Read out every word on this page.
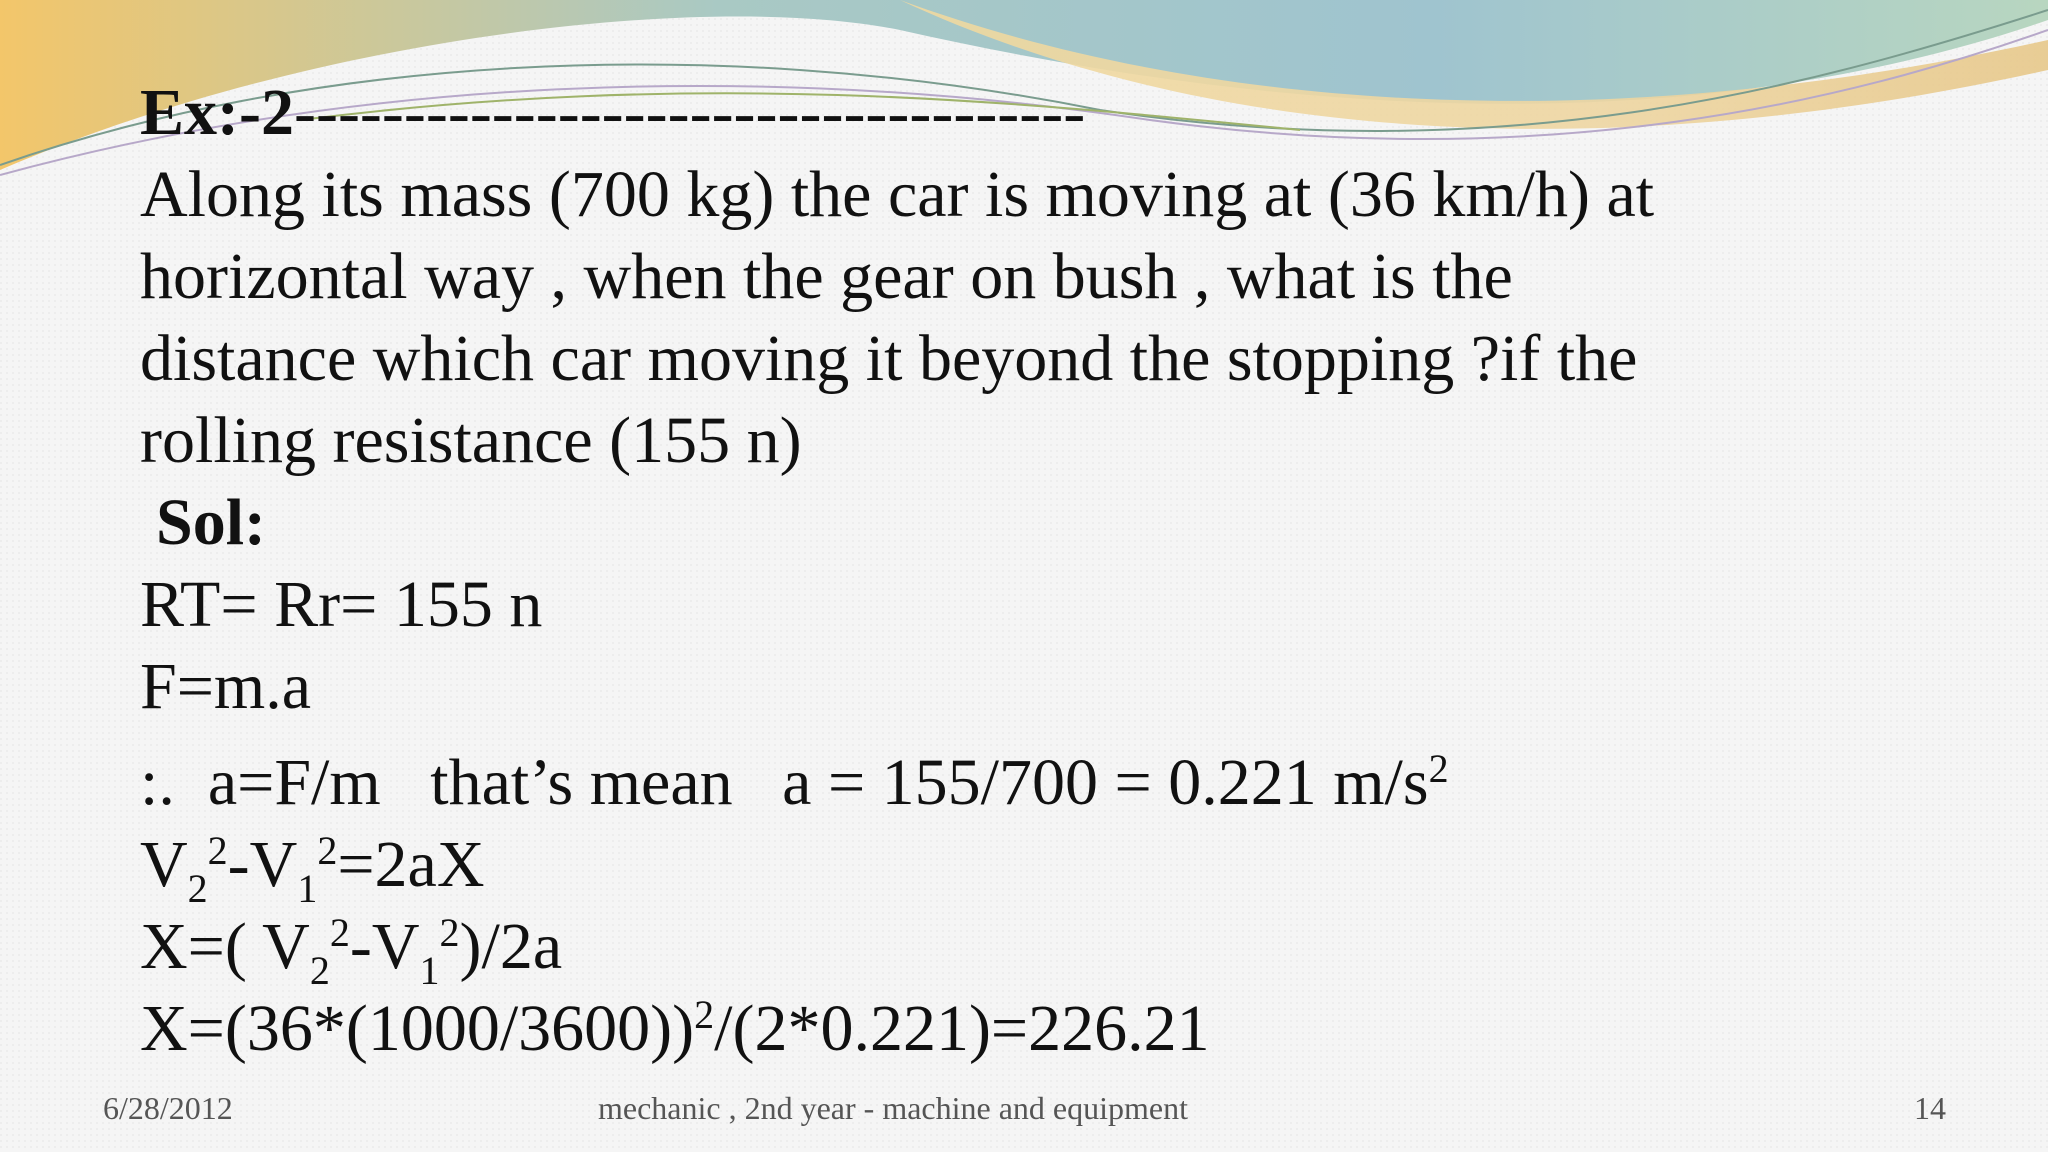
Ex:-2------------------------------------
Along its mass (700 kg) the car is moving at (36 km/h) at
horizontal way , when the gear on bush , what is the
distance which car moving it beyond the stopping ?if the
rolling resistance (155 n)
Sol:
RT= Rr= 155 n
F=m.a
:.  a=F/m   that’s mean   a = 155/700 = 0.221 $m/s^2$
$V_2^2-V_1^2=2aX$
X=( $V_2^2-V_1^2)/2a$
$X=(36*(1000/3600))^2/(2*0.221)=226.21$
6/28/2012	mechanic , 2nd year - machine and equipment	14
